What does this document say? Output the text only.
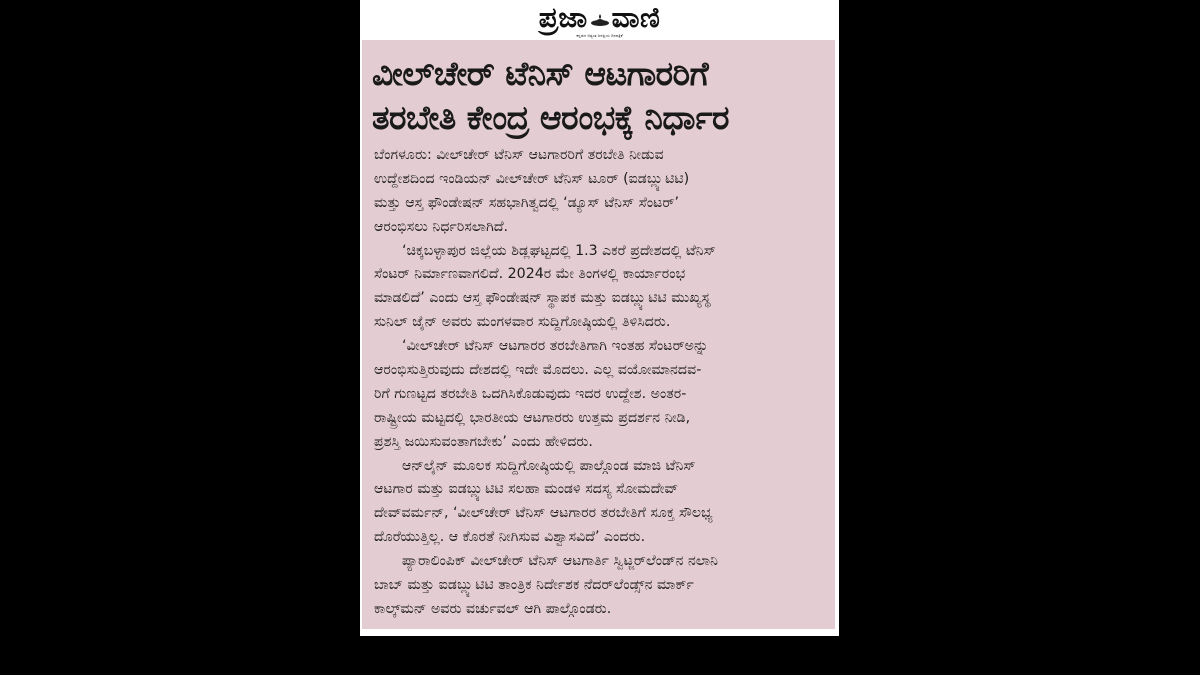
ಪ್ರಜಾ ವಾಣಿ
ಕನ್ನಡದ ಅತ್ಯಂತ ಜನಪ್ರಿಯ ದಿನಪತ್ರಿಕೆ
ವೀಲ್‌ಚೇರ್ ಟೆನಿಸ್ ಆಟಗಾರರಿಗೆ
ತರಬೇತಿ ಕೇಂದ್ರ ಆರಂಭಕ್ಕೆ ನಿರ್ಧಾರ
ಬೆಂಗಳೂರು: ವೀಲ್‌ಚೇರ್ ಟೆನಿಸ್ ಆಟಗಾರರಿಗೆ ತರಬೇತಿ ನೀಡುವ
ಉದ್ದೇಶದಿಂದ ಇಂಡಿಯನ್ ವೀಲ್‌ಚೇರ್ ಟೆನಿಸ್ ಟೂರ್ (ಐಡಬ್ಲ್ಯುಟಿಟಿ)
ಮತ್ತು ಆಸ್ತ ಫೌಂಡೇಷನ್ ಸಹಭಾಗಿತ್ವದಲ್ಲಿ ‘ಡ್ಯೂಸ್ ಟೆನಿಸ್ ಸೆಂಟರ್’
ಆರಂಭಿಸಲು ನಿರ್ಧರಿಸಲಾಗಿದೆ.
‘ಚಿಕ್ಕಬಳ್ಳಾಪುರ ಜಿಲ್ಲೆಯ ಶಿಡ್ಲಘಟ್ಟದಲ್ಲಿ 1.3 ಎಕರೆ ಪ್ರದೇಶದಲ್ಲಿ ಟೆನಿಸ್
ಸೆಂಟರ್ ನಿರ್ಮಾಣವಾಗಲಿದೆ. 2024ರ ಮೇ ತಿಂಗಳಲ್ಲಿ ಕಾರ್ಯಾರಂಭ
ಮಾಡಲಿದೆ’ ಎಂದು ಆಸ್ತ ಫೌಂಡೇಷನ್ ಸ್ಥಾಪಕ ಮತ್ತು ಐಡಬ್ಲ್ಯುಟಿಟಿ ಮುಖ್ಯಸ್ಥ
ಸುನಿಲ್ ಜೈನ್ ಅವರು ಮಂಗಳವಾರ ಸುದ್ದಿಗೋಷ್ಠಿಯಲ್ಲಿ ತಿಳಿಸಿದರು.
‘ವೀಲ್‌ಚೇರ್ ಟೆನಿಸ್ ಆಟಗಾರರ ತರಬೇತಿಗಾಗಿ ಇಂತಹ ಸೆಂಟರ್‌ಅನ್ನು
ಆರಂಭಿಸುತ್ತಿರುವುದು ದೇಶದಲ್ಲಿ ಇದೇ ಮೊದಲು. ಎಲ್ಲ ವಯೋಮಾನದವ-
ರಿಗೆ ಗುಣಟ್ಟದ ತರಬೇತಿ ಒದಗಿಸಿಕೊಡುವುದು ಇದರ ಉದ್ದೇಶ. ಅಂತರ-
ರಾಷ್ಟ್ರೀಯ ಮಟ್ಟದಲ್ಲಿ ಭಾರತೀಯ ಆಟಗಾರರು ಉತ್ತಮ ಪ್ರದರ್ಶನ ನೀಡಿ,
ಪ್ರಶಸ್ತಿ ಜಯಿಸುವಂತಾಗಬೇಕು’ ಎಂದು ಹೇಳಿದರು.
ಆನ್‌ಲೈನ್ ಮೂಲಕ ಸುದ್ದಿಗೋಷ್ಠಿಯಲ್ಲಿ ಪಾಲ್ಗೊಂಡ ಮಾಜಿ ಟೆನಿಸ್
ಆಟಗಾರ ಮತ್ತು ಐಡಬ್ಲ್ಯುಟಿಟಿ ಸಲಹಾ ಮಂಡಳಿ ಸದಸ್ಯ ಸೋಮದೇವ್
ದೇವ್‌ವರ್ಮನ್, ‘ವೀಲ್‌ಚೇರ್ ಟೆನಿಸ್ ಆಟಗಾರರ ತರಬೇತಿಗೆ ಸೂಕ್ತ ಸೌಲಭ್ಯ
ದೊರೆಯುತ್ತಿಲ್ಲ. ಆ ಕೊರತೆ ನೀಗಿಸುವ ವಿಶ್ವಾಸವಿದೆ’ ಎಂದರು.
ಪ್ಯಾರಾಲಿಂಪಿಕ್ ವೀಲ್‌ಚೇರ್ ಟೆನಿಸ್ ಆಟಗಾರ್ತಿ ಸ್ವಿಟ್ಜರ್‌ಲೆಂಡ್‌ನ ನಲಾನಿ
ಬಾಬ್ ಮತ್ತು ಐಡಬ್ಲ್ಯುಟಿಟಿ ತಾಂತ್ರಿಕ ನಿರ್ದೇಶಕ ನೆದರ್‌ಲೆಂಡ್ಸ್‌ನ ಮಾರ್ಕ್
ಕಾಲ್ಕ್‌ಮನ್ ಅವರು ವರ್ಚುವಲ್ ಆಗಿ ಪಾಲ್ಗೊಂಡರು.
